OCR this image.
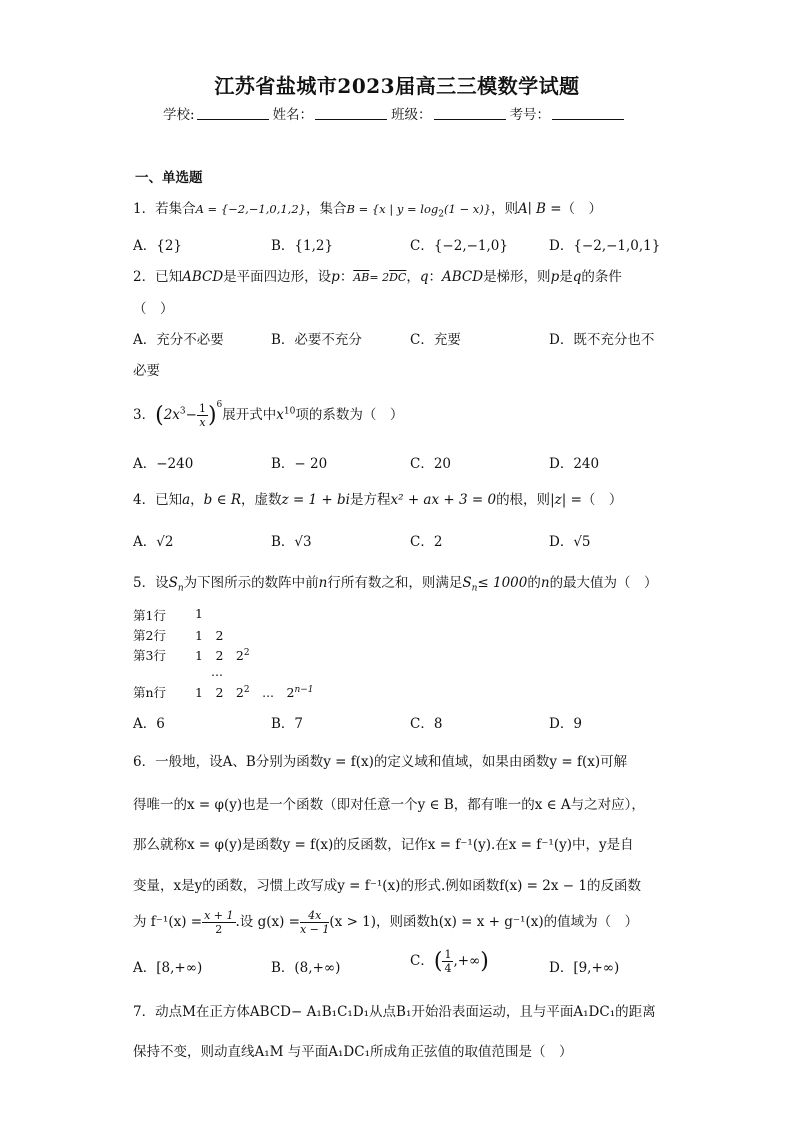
江苏省盐城市2023届高三三模数学试题
学校:	姓名：	班级：	考号：
一、单选题
1．若集合A = {−2,−1,0,1,2}，集合B = {x | $y = \log_2(1 - x)$}，则A∣ B =（　）
A．{2}	B．{1,2}	C．{−2,−1,0}	D．{−2,−1,0,1}
2．已知ABCD是平面四边形，设p：$\overline{AB}= 2\overline{DC}$，q：ABCD是梯形，则p是q的条件
（　）
A．充分不必要	B．必要不充分	C．充要	D．既不充分也不
必要
3．$(2x^3- \frac{1}{x} )^6$展开式中$x^{10}$项的系数为（　）
A．−240	B．− 20	C．20	D．240
4．已知a，b ∈ R，虚数z = 1 + bi是方程x² + ax + 3 = 0的根，则|z| =（　）
A．√2	B．√3	C．2	D．√5
5．设$S_n$为下图所示的数阵中前n行所有数之和，则满足$S_n\le 1000$的n的最大值为（　）
第1行 1
第2行 1　2
第3行 1　2　$2^2$
...
第n行 1　2　$2^2$　...　$2^{n-1}$
A．6	B．7	C．8	D．9
6．一般地，设A、B分别为函数y = f(x)的定义域和值域，如果由函数y = f(x)可解
得唯一的x = φ(y)也是一个函数（即对任意一个y ∈ B，都有唯一的x ∈ A与之对应），
那么就称x = φ(y)是函数y = f(x)的反函数，记作x = f⁻¹(y).在x = f⁻¹(y)中，y是自
变量，x是y的函数，习惯上改写成y = f⁻¹(x)的形式.例如函数f(x) = 2x − 1的反函数
为 $f^{-1}(x) = \frac{x + 1}{2}$ .设 $g(x) = \frac{4x}{x - 1} (x > 1)$，则函数h(x) = x + g⁻¹(x)的值域为（　）
A．[8,+∞)	B．(8,+∞)	C．( $\frac{1}{4}$ ,+∞)	D．[9,+∞)
7．动点M在正方体ABCD− A₁B₁C₁D₁从点B₁开始沿表面运动，且与平面A₁DC₁的距离
保持不变，则动直线A₁M 与平面A₁DC₁所成角正弦值的取值范围是（　）
